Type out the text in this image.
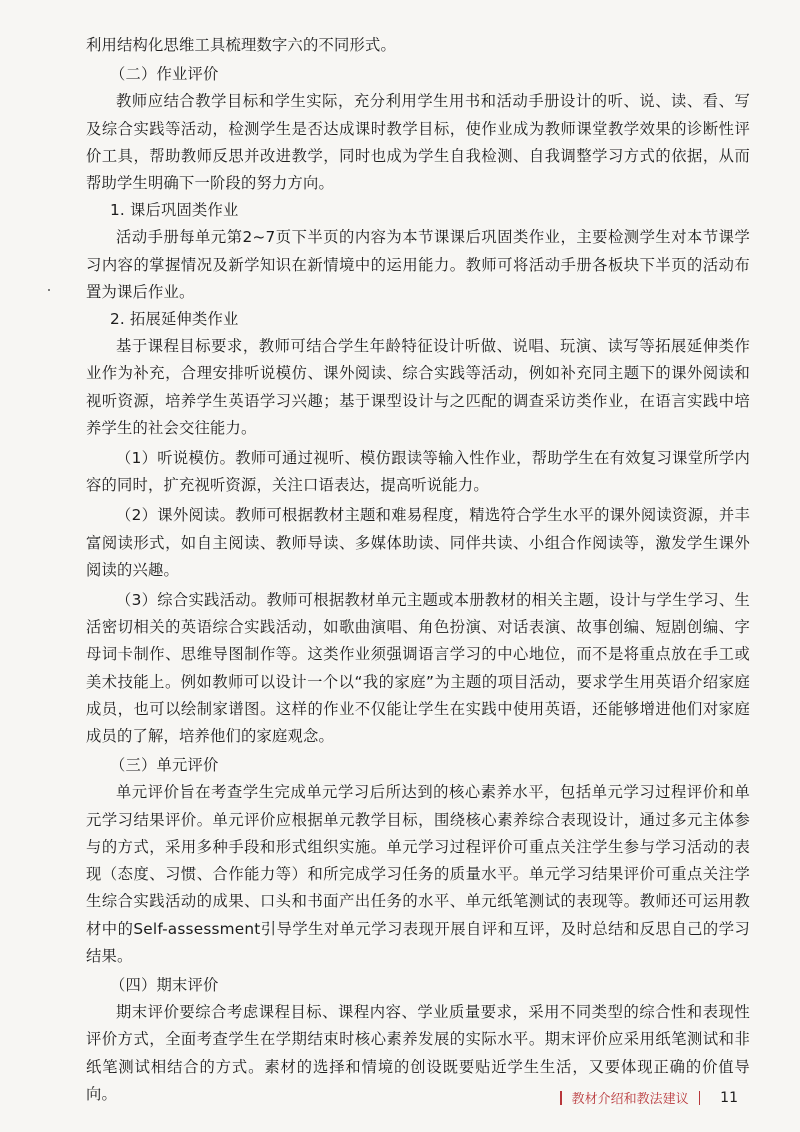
利用结构化思维工具梳理数字六的不同形式。

（二）作业评价

教师应结合教学目标和学生实际，充分利用学生用书和活动手册设计的听、说、读、看、写及综合实践等活动，检测学生是否达成课时教学目标，使作业成为教师课堂教学效果的诊断性评价工具，帮助教师反思并改进教学，同时也成为学生自我检测、自我调整学习方式的依据，从而帮助学生明确下一阶段的努力方向。

1. 课后巩固类作业

活动手册每单元第2~7页下半页的内容为本节课课后巩固类作业，主要检测学生对本节课学习内容的掌握情况及新学知识在新情境中的运用能力。教师可将活动手册各板块下半页的活动布置为课后作业。

2. 拓展延伸类作业

基于课程目标要求，教师可结合学生年龄特征设计听做、说唱、玩演、读写等拓展延伸类作业作为补充，合理安排听说模仿、课外阅读、综合实践等活动，例如补充同主题下的课外阅读和视听资源，培养学生英语学习兴趣；基于课型设计与之匹配的调查采访类作业，在语言实践中培养学生的社会交往能力。

（1）听说模仿。教师可通过视听、模仿跟读等输入性作业，帮助学生在有效复习课堂所学内容的同时，扩充视听资源，关注口语表达，提高听说能力。

（2）课外阅读。教师可根据教材主题和难易程度，精选符合学生水平的课外阅读资源，并丰富阅读形式，如自主阅读、教师导读、多媒体助读、同伴共读、小组合作阅读等，激发学生课外阅读的兴趣。

（3）综合实践活动。教师可根据教材单元主题或本册教材的相关主题，设计与学生学习、生活密切相关的英语综合实践活动，如歌曲演唱、角色扮演、对话表演、故事创编、短剧创编、字母词卡制作、思维导图制作等。这类作业须强调语言学习的中心地位，而不是将重点放在手工或美术技能上。例如教师可以设计一个以“我的家庭”为主题的项目活动，要求学生用英语介绍家庭成员，也可以绘制家谱图。这样的作业不仅能让学生在实践中使用英语，还能够增进他们对家庭成员的了解，培养他们的家庭观念。

（三）单元评价

单元评价旨在考查学生完成单元学习后所达到的核心素养水平，包括单元学习过程评价和单元学习结果评价。单元评价应根据单元教学目标，围绕核心素养综合表现设计，通过多元主体参与的方式，采用多种手段和形式组织实施。单元学习过程评价可重点关注学生参与学习活动的表现（态度、习惯、合作能力等）和所完成学习任务的质量水平。单元学习结果评价可重点关注学生综合实践活动的成果、口头和书面产出任务的水平、单元纸笔测试的表现等。教师还可运用教材中的Self-assessment引导学生对单元学习表现开展自评和互评，及时总结和反思自己的学习结果。

（四）期末评价

期末评价要综合考虑课程目标、课程内容、学业质量要求，采用不同类型的综合性和表现性评价方式，全面考查学生在学期结束时核心素养发展的实际水平。期末评价应采用纸笔测试和非纸笔测试相结合的方式。素材的选择和情境的创设既要贴近学生生活，又要体现正确的价值导向。	教材介绍和教法建议 11
